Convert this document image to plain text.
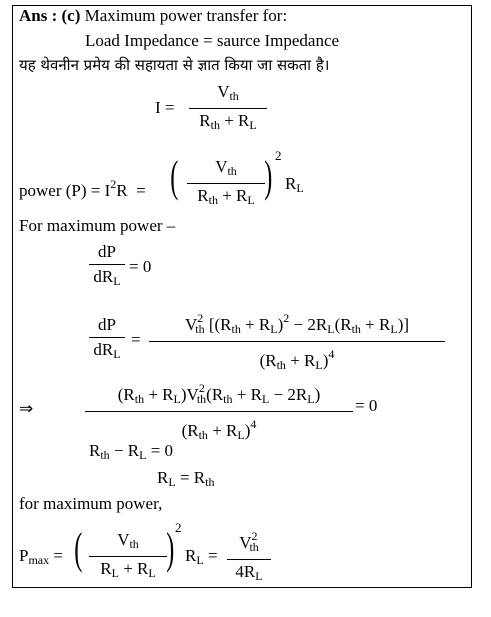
Ans : (c) Maximum power transfer for:
Load Impedance = saurce Impedance
यह थेवनीन प्रमेय की सहायता से ज्ञात किया जा सकता है।
I =
$V_{th}$
$R_{th} + R_L$
power $(P) = I^2R$  = (	$V_{th}$
$R_{th} + R_L$ ) 2
$R_L$
For maximum power –
dP
$dR_L$
= 0
dP
$dR_L$
=
$V^2_{th}$ $[(R_{th} + R_L)^2 - 2R_L(R_{th} + R_L)]$
$(R_{th} + R_L)^4$
⇒
$(R_{th} + R_L)V^2_{th}(R_{th} + R_L - 2R_L)$
$(R_{th} + R_L)^4$
= 0
$R_{th} - R_L = 0$
$R_L = R_{th}$
for maximum power,
$P_{max}$ = (	$V_{th}$
$R_L + R_L$ ) 2
$R_L$ =
$V^2_{th}$
$4R_L$
